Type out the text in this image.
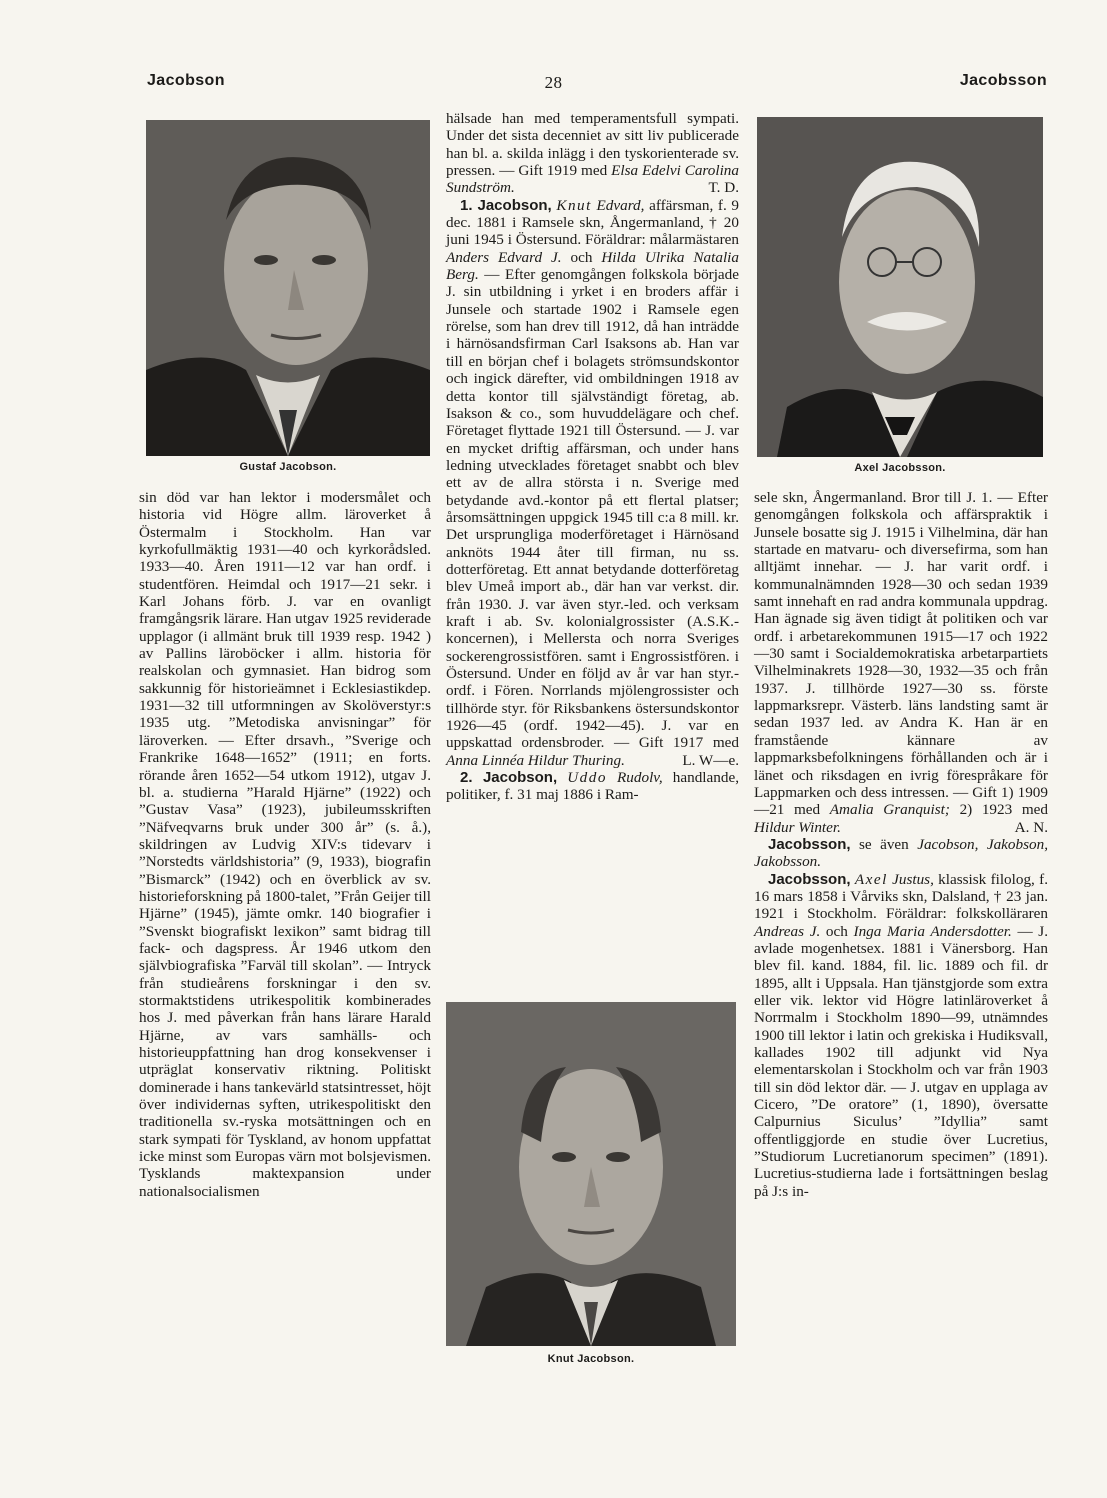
Jacobson	28	Jacobsson
Gustaf Jacobson.	Axel Jacobsson.
Knut Jacobson.

sin död var han lektor i modersmålet och historia vid Högre allm. läroverket å Östermalm i Stockholm. Han var kyrkofullmäktig 1931—40 och kyrkorådsled. 1933—40. Åren 1911—12 var han ordf. i studentfören. Heimdal och 1917—21 sekr. i Karl Johans förb. J. var en ovanligt framgångsrik lärare. Han utgav 1925 reviderade upplagor (i allmänt bruk till 1939 resp. 1942 ) av Pallins läroböcker i allm. historia för realskolan och gymnasiet. Han bidrog som sakkunnig för historieämnet i Ecklesiastikdep. 1931—32 till utformningen av Skolöverstyr:s 1935 utg. ”Metodiska anvisningar” för läroverken. — Efter drsavh., ”Sverige och Frankrike 1648—1652” (1911; en forts. rörande åren 1652—54 utkom 1912), utgav J. bl. a. studierna ”Harald Hjärne” (1922) och ”Gustav Vasa” (1923), jubileumsskriften ”Näfveqvarns bruk under 300 år” (s. å.), skildringen av Ludvig XIV:s tidevarv i ”Norstedts världshistoria” (9, 1933), biografin ”Bismarck” (1942) och en överblick av sv. historieforskning på 1800-talet, ”Från Geijer till Hjärne” (1945), jämte omkr. 140 biografier i ”Svenskt biografiskt lexikon” samt bidrag till fack- och dagspress. År 1946 utkom den självbiografiska ”Farväl till skolan”. — Intryck från studieårens forskningar i den sv. stormaktstidens utrikespolitik kombinerades hos J. med påverkan från hans lärare Harald Hjärne, av vars samhälls- och historieuppfattning han drog konsekvenser i utpräglat konservativ riktning. Politiskt dominerade i hans tankevärld statsintresset, höjt över individernas syften, utrikespolitiskt den traditionella sv.-ryska motsättningen och en stark sympati för Tyskland, av honom uppfattat icke minst som Europas värn mot bolsjevismen. Tysklands maktexpansion under nationalsocialismen

hälsade han med temperamentsfull sympati. Under det sista decenniet av sitt liv publicerade han bl. a. skilda inlägg i den tyskorienterade sv. pressen. — Gift 1919 med Elsa Edelvi Carolina Sundström.	T. D.

1. Jacobson, Knut Edvard, affärsman, f. 9 dec. 1881 i Ramsele skn, Ångermanland, † 20 juni 1945 i Östersund. Föräldrar: målarmästaren Anders Edvard J. och Hilda Ulrika Natalia Berg. — Efter genomgången folkskola började J. sin utbildning i yrket i en broders affär i Junsele och startade 1902 i Ramsele egen rörelse, som han drev till 1912, då han inträdde i härnösandsfirman Carl Isaksons ab. Han var till en början chef i bolagets strömsundskontor och ingick därefter, vid ombildningen 1918 av detta kontor till självständigt företag, ab. Isakson & co., som huvuddelägare och chef. Företaget flyttade 1921 till Östersund. — J. var en mycket driftig affärsman, och under hans ledning utvecklades företaget snabbt och blev ett av de allra största i n. Sverige med betydande avd.-kontor på ett flertal platser; årsomsättningen uppgick 1945 till c:a 8 mill. kr. Det ursprungliga moderföretaget i Härnösand anknöts 1944 åter till firman, nu ss. dotterföretag. Ett annat betydande dotterföretag blev Umeå import ab., där han var verkst. dir. från 1930. J. var även styr.-led. och verksam kraft i ab. Sv. kolonialgrossister (A.S.K.-koncernen), i Mellersta och norra Sveriges sockerengrossistfören. samt i Engrossistfören. i Östersund. Under en följd av år var han styr.-ordf. i Fören. Norrlands mjölengrossister och tillhörde styr. för Riksbankens östersundskontor 1926—45 (ordf. 1942—45). J. var en uppskattad ordensbroder. — Gift 1917 med Anna Linnéa Hildur Thuring.	L. W—e.

2. Jacobson, Uddo Rudolv, handlande, politiker, f. 31 maj 1886 i Ram-

sele skn, Ångermanland. Bror till J. 1. — Efter genomgången folkskola och affärspraktik i Junsele bosatte sig J. 1915 i Vilhelmina, där han startade en matvaru- och diversefirma, som han alltjämt innehar. — J. har varit ordf. i kommunalnämnden 1928—30 och sedan 1939 samt innehaft en rad andra kommunala uppdrag. Han ägnade sig även tidigt åt politiken och var ordf. i arbetarekommunen 1915—17 och 1922—30 samt i Socialdemokratiska arbetarpartiets Vilhelminakrets 1928—30, 1932—35 och från 1937. J. tillhörde 1927—30 ss. förste lappmarksrepr. Västerb. läns landsting samt är sedan 1937 led. av Andra K. Han är en framstående kännare av lappmarksbefolkningens förhållanden och är i länet och riksdagen en ivrig förespråkare för Lappmarken och dess intressen. — Gift 1) 1909—21 med Amalia Granquist; 2) 1923 med Hildur Winter.	A. N.

Jacobsson, se även Jacobson, Jakobson, Jakobsson.

Jacobsson, Axel Justus, klassisk filolog, f. 16 mars 1858 i Vårviks skn, Dalsland, † 23 jan. 1921 i Stockholm. Föräldrar: folkskolläraren Andreas J. och Inga Maria Andersdotter. — J. avlade mogenhetsex. 1881 i Vänersborg. Han blev fil. kand. 1884, fil. lic. 1889 och fil. dr 1895, allt i Uppsala. Han tjänstgjorde som extra eller vik. lektor vid Högre latinläroverket å Norrmalm i Stockholm 1890—99, utnämndes 1900 till lektor i latin och grekiska i Hudiksvall, kallades 1902 till adjunkt vid Nya elementarskolan i Stockholm och var från 1903 till sin död lektor där. — J. utgav en upplaga av Cicero, ”De oratore” (1, 1890), översatte Calpurnius Siculus’ ”Idyllia” samt offentliggjorde en studie över Lucretius, ”Studiorum Lucretianorum specimen” (1891). Lucretius-studierna lade i fortsättningen beslag på J:s in-
